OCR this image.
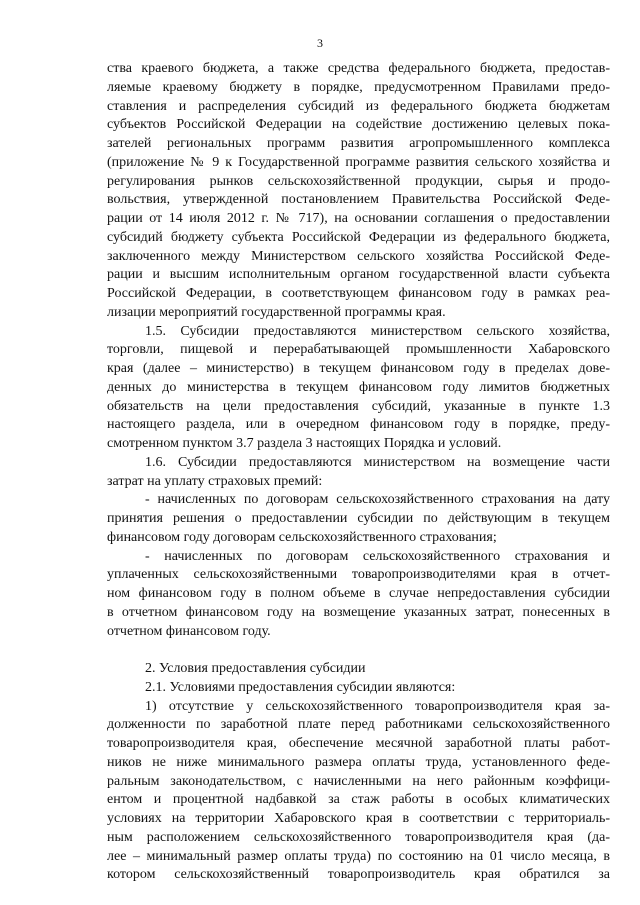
3

ства краевого бюджета, а также средства федерального бюджета, предостав-

ляемые краевому бюджету в порядке, предусмотренном Правилами предо-

ставления и распределения субсидий из федерального бюджета бюджетам

субъектов Российской Федерации на содействие достижению целевых пока-

зателей региональных программ развития агропромышленного комплекса

(приложение № 9 к Государственной программе развития сельского хозяйства и

регулирования рынков сельскохозяйственной продукции, сырья и продо-

вольствия, утвержденной постановлением Правительства Российской Феде-

рации от 14 июля 2012 г. № 717), на основании соглашения о предоставлении

субсидий бюджету субъекта Российской Федерации из федерального бюджета,

заключенного между Министерством сельского хозяйства Российской Феде-

рации и высшим исполнительным органом государственной власти субъекта

Российской Федерации, в соответствующем финансовом году в рамках реа-

лизации мероприятий государственной программы края.

1.5. Субсидии предоставляются министерством сельского хозяйства,

торговли, пищевой и перерабатывающей промышленности Хабаровского

края (далее – министерство) в текущем финансовом году в пределах дове-

денных до министерства в текущем финансовом году лимитов бюджетных

обязательств на цели предоставления субсидий, указанные в пункте 1.3

настоящего раздела, или в очередном финансовом году в порядке, преду-

смотренном пунктом 3.7 раздела 3 настоящих Порядка и условий.

1.6. Субсидии предоставляются министерством на возмещение части

затрат на уплату страховых премий:

- начисленных по договорам сельскохозяйственного страхования на дату

принятия решения о предоставлении субсидии по действующим в текущем

финансовом году договорам сельскохозяйственного страхования;

- начисленных по договорам сельскохозяйственного страхования и

уплаченных сельскохозяйственными товаропроизводителями края в отчет-

ном финансовом году в полном объеме в случае непредоставления субсидии

в отчетном финансовом году на возмещение указанных затрат, понесенных в

отчетном финансовом году.

2. Условия предоставления субсидии

2.1. Условиями предоставления субсидии являются:

1) отсутствие у сельскохозяйственного товаропроизводителя края за-

долженности по заработной плате перед работниками сельскохозяйственного

товаропроизводителя края, обеспечение месячной заработной платы работ-

ников не ниже минимального размера оплаты труда, установленного феде-

ральным законодательством, с начисленными на него районным коэффици-

ентом и процентной надбавкой за стаж работы в особых климатических

условиях на территории Хабаровского края в соответствии с территориаль-

ным расположением сельскохозяйственного товаропроизводителя края (да-

лее – минимальный размер оплаты труда) по состоянию на 01 число месяца, в

котором сельскохозяйственный товаропроизводитель края обратился за
